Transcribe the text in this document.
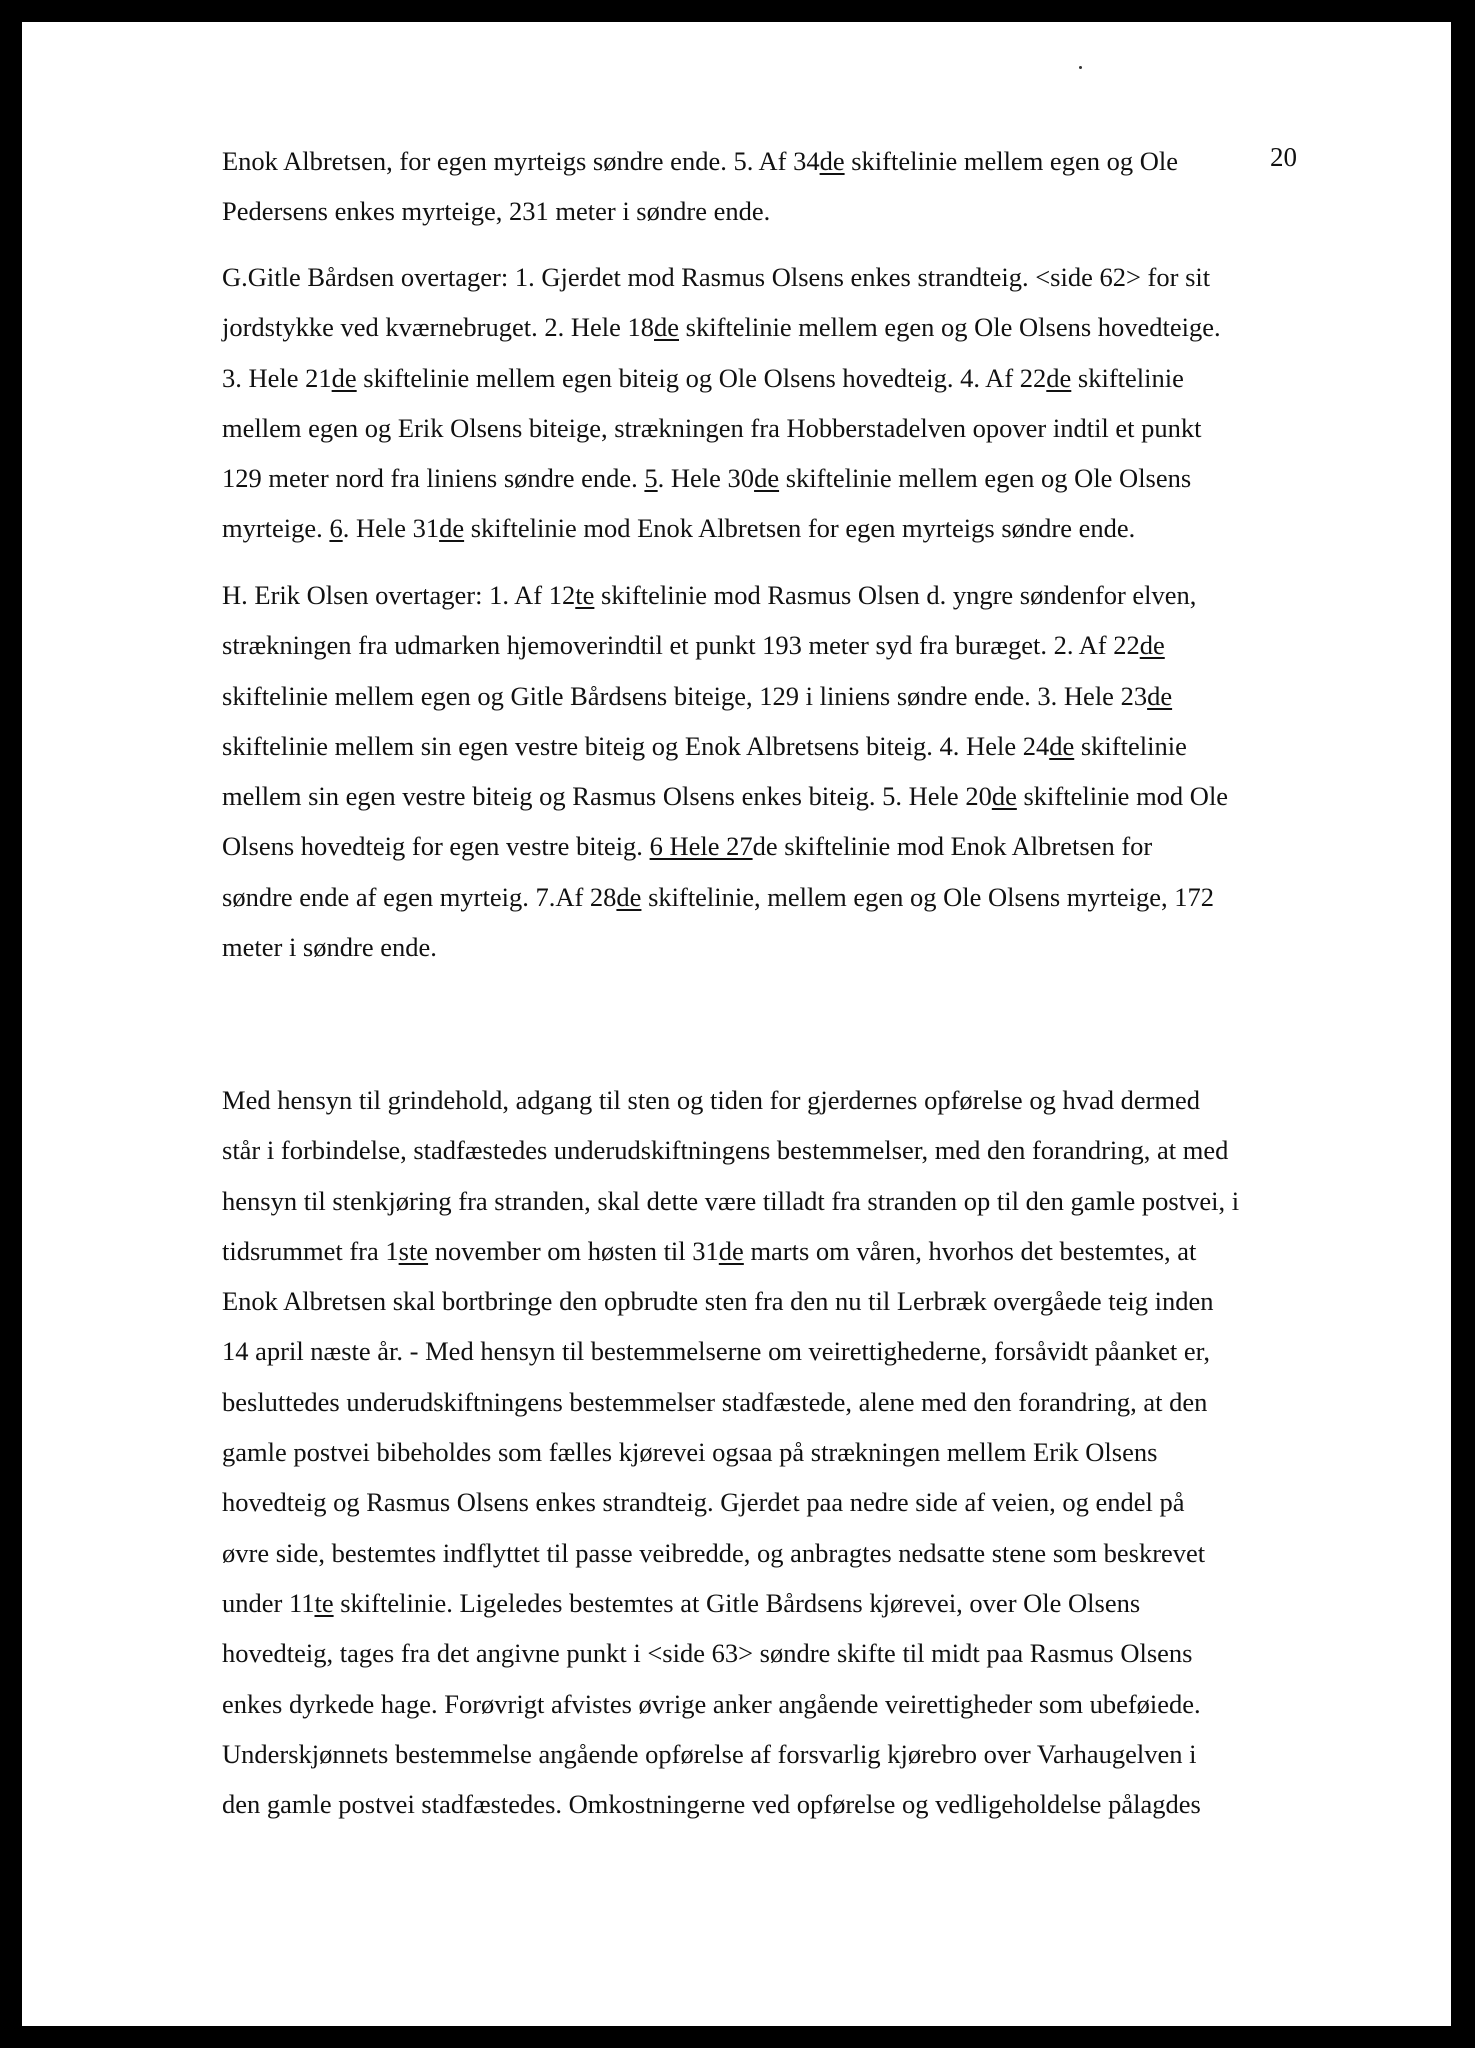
20
Enok Albretsen, for egen myrteigs søndre ende. 5. Af 34de skiftelinie mellem egen og Ole
Pedersens enkes myrteige, 231 meter i søndre ende.
G.Gitle Bårdsen overtager: 1. Gjerdet mod Rasmus Olsens enkes strandteig. <side 62> for sit
jordstykke ved kværnebruget. 2. Hele 18de skiftelinie mellem egen og Ole Olsens hovedteige.
3. Hele 21de skiftelinie mellem egen biteig og Ole Olsens hovedteig. 4. Af 22de skiftelinie
mellem egen og Erik Olsens biteige, strækningen fra Hobberstadelven opover indtil et punkt
129 meter nord fra liniens søndre ende. 5. Hele 30de skiftelinie mellem egen og Ole Olsens
myrteige. 6. Hele 31de skiftelinie mod Enok Albretsen for egen myrteigs søndre ende.
H. Erik Olsen overtager: 1. Af 12te skiftelinie mod Rasmus Olsen d. yngre søndenfor elven,
strækningen fra udmarken hjemoverindtil et punkt 193 meter syd fra buræget. 2. Af 22de
skiftelinie mellem egen og Gitle Bårdsens biteige, 129 i liniens søndre ende. 3. Hele 23de
skiftelinie mellem sin egen vestre biteig og Enok Albretsens biteig. 4. Hele 24de skiftelinie
mellem sin egen vestre biteig og Rasmus Olsens enkes biteig. 5. Hele 20de skiftelinie mod Ole
Olsens hovedteig for egen vestre biteig. 6 Hele 27de skiftelinie mod Enok Albretsen for
søndre ende af egen myrteig. 7.Af 28de skiftelinie, mellem egen og Ole Olsens myrteige, 172
meter i søndre ende.
Med hensyn til grindehold, adgang til sten og tiden for gjerdernes opførelse og hvad dermed
står i forbindelse, stadfæstedes underudskiftningens bestemmelser, med den forandring, at med
hensyn til stenkjøring fra stranden, skal dette være tilladt fra stranden op til den gamle postvei, i
tidsrummet fra 1ste november om høsten til 31de marts om våren, hvorhos det bestemtes, at
Enok Albretsen skal bortbringe den opbrudte sten fra den nu til Lerbræk overgåede teig inden
14 april næste år. - Med hensyn til bestemmelserne om veirettighederne, forsåvidt påanket er,
besluttedes underudskiftningens bestemmelser stadfæstede, alene med den forandring, at den
gamle postvei bibeholdes som fælles kjørevei ogsaa på strækningen mellem Erik Olsens
hovedteig og Rasmus Olsens enkes strandteig. Gjerdet paa nedre side af veien, og endel på
øvre side, bestemtes indflyttet til passe veibredde, og anbragtes nedsatte stene som beskrevet
under 11te skiftelinie. Ligeledes bestemtes at Gitle Bårdsens kjørevei, over Ole Olsens
hovedteig, tages fra det angivne punkt i <side 63> søndre skifte til midt paa Rasmus Olsens
enkes dyrkede hage. Forøvrigt afvistes øvrige anker angående veirettigheder som ubeføiede.
Underskjønnets bestemmelse angående opførelse af forsvarlig kjørebro over Varhaugelven i
den gamle postvei stadfæstedes. Omkostningerne ved opførelse og vedligeholdelse pålagdes
